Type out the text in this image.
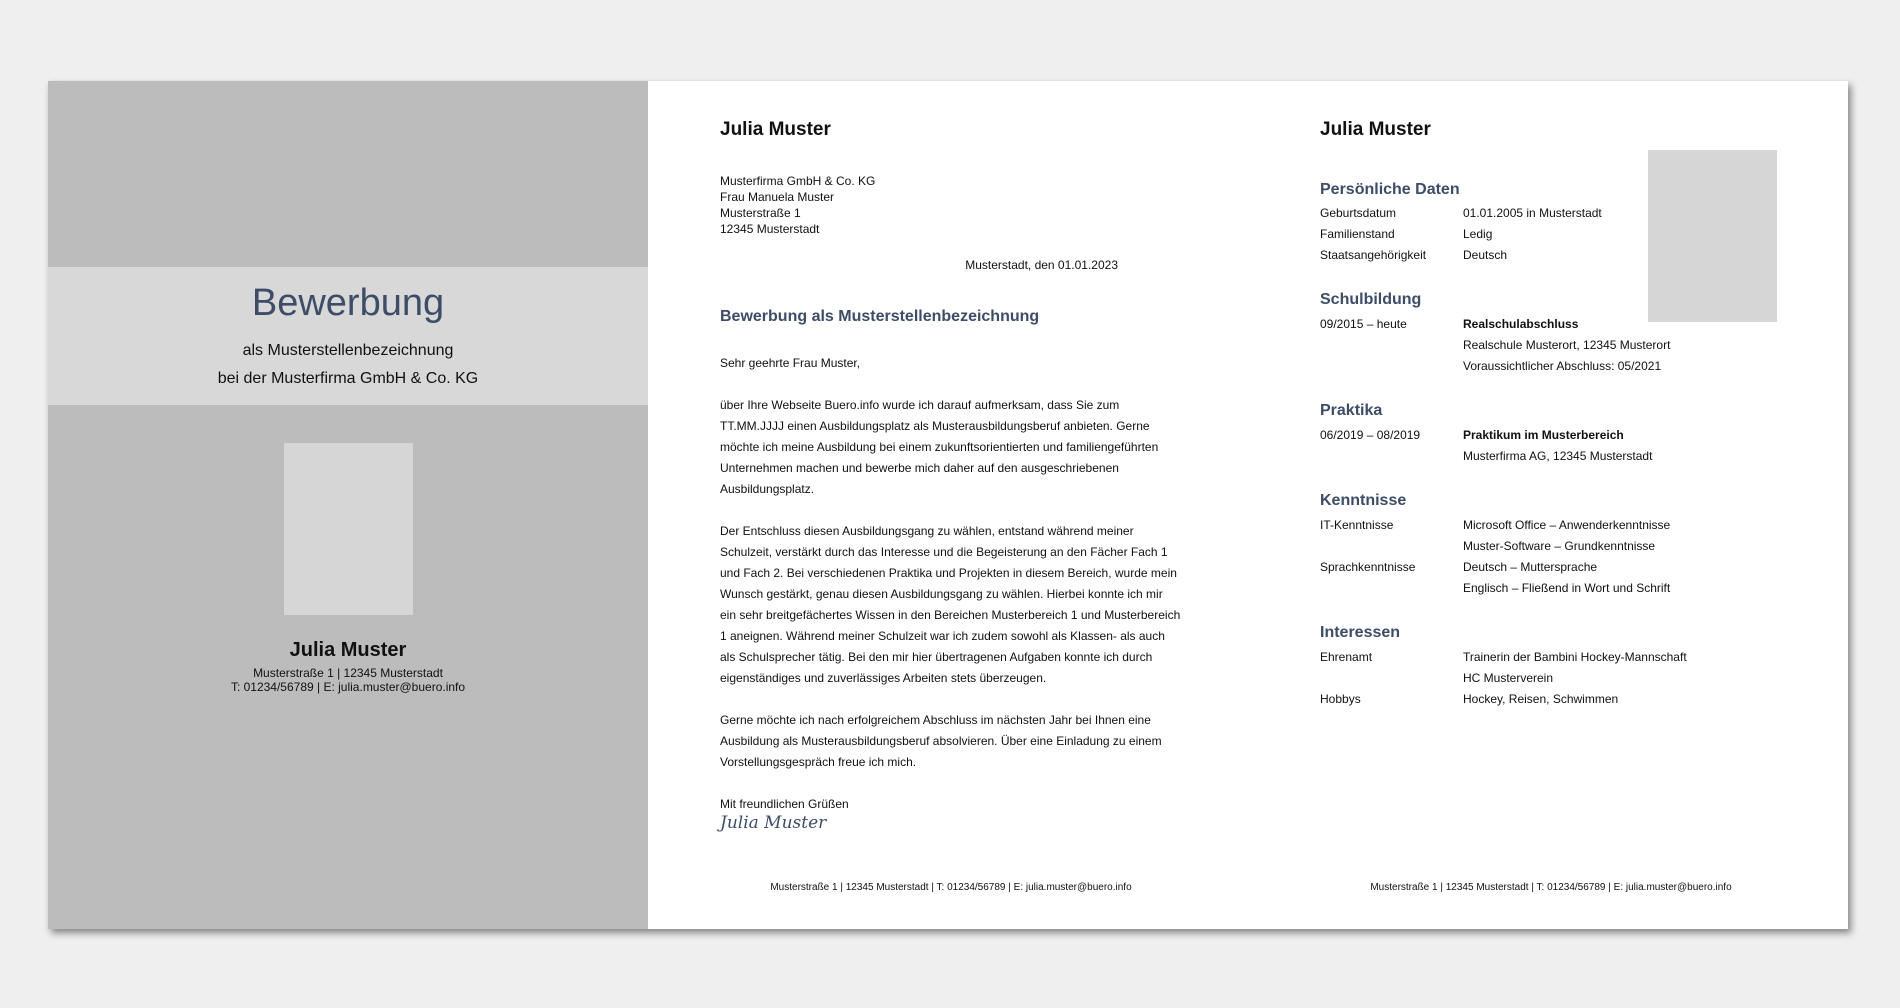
Bewerbung
als Musterstellenbezeichnung
bei der Musterfirma GmbH & Co. KG
Julia Muster
Musterstraße 1 | 12345 Musterstadt
T: 01234/56789 | E: julia.muster@buero.info
Julia Muster
Musterfirma GmbH & Co. KG
Frau Manuela Muster
Musterstraße 1
12345 Musterstadt
Musterstadt, den 01.01.2023
Bewerbung als Musterstellenbezeichnung

Sehr geehrte Frau Muster,

über Ihre Webseite Buero.info wurde ich darauf aufmerksam, dass Sie zum TT.MM.JJJJ einen Ausbildungsplatz als Musterausbildungsberuf anbieten. Gerne möchte ich meine Ausbildung bei einem zukunftsorientierten und familiengeführten Unternehmen machen und bewerbe mich daher auf den ausgeschriebenen Ausbildungsplatz.

Der Entschluss diesen Ausbildungsgang zu wählen, entstand während meiner Schulzeit, verstärkt durch das Interesse und die Begeisterung an den Fächer Fach 1 und Fach 2. Bei verschiedenen Praktika und Projekten in diesem Bereich, wurde mein Wunsch gestärkt, genau diesen Ausbildungsgang zu wählen. Hierbei konnte ich mir ein sehr breitgefächertes Wissen in den Bereichen Musterbereich 1 und Musterbereich 1 aneignen. Während meiner Schulzeit war ich zudem sowohl als Klassen- als auch als Schulsprecher tätig. Bei den mir hier übertragenen Aufgaben konnte ich durch eigenständiges und zuverlässiges Arbeiten stets überzeugen.

Gerne möchte ich nach erfolgreichem Abschluss im nächsten Jahr bei Ihnen eine Ausbildung als Musterausbildungsberuf absolvieren. Über eine Einladung zu einem Vorstellungsgespräch freue ich mich.

Mit freundlichen Grüßen

Julia Muster
Musterstraße 1 | 12345 Musterstadt | T: 01234/56789 | E: julia.muster@buero.info
Julia Muster
Persönliche Daten
Geburtsdatum	01.01.2005 in Musterstadt
Familienstand	Ledig
Staatsangehörigkeit	Deutsch
Schulbildung
09/2015 – heute	Realschulabschluss
Realschule Musterort, 12345 Musterort
Voraussichtlicher Abschluss: 05/2021
Praktika
06/2019 – 08/2019	Praktikum im Musterbereich
Musterfirma AG, 12345 Musterstadt
Kenntnisse
IT-Kenntnisse	Microsoft Office – Anwenderkenntnisse
Muster-Software – Grundkenntnisse
Sprachkenntnisse	Deutsch – Muttersprache
Englisch – Fließend in Wort und Schrift
Interessen
Ehrenamt	Trainerin der Bambini Hockey-Mannschaft
HC Musterverein
Hobbys	Hockey, Reisen, Schwimmen
Musterstraße 1 | 12345 Musterstadt | T: 01234/56789 | E: julia.muster@buero.info
